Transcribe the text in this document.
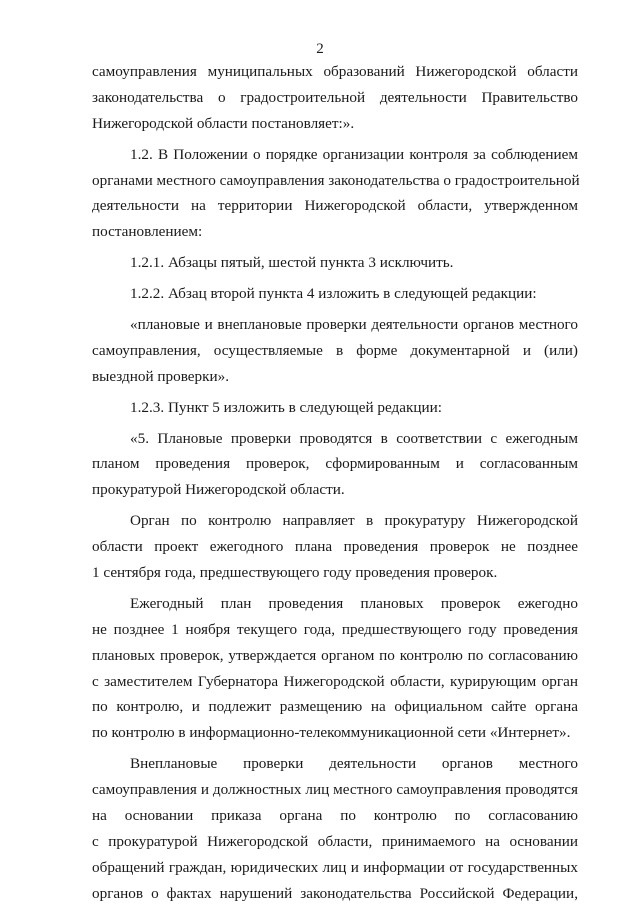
2
самоуправления муниципальных образований Нижегородской области
законодательства о градостроительной деятельности Правительство
Нижегородской области постановляет:».
1.2. В Положении о порядке организации контроля за соблюдением
органами местного самоуправления законодательства о градостроительной
деятельности на территории Нижегородской области, утвержденном
постановлением:
1.2.1. Абзацы пятый, шестой пункта 3 исключить.
1.2.2. Абзац второй пункта 4 изложить в следующей редакции:
«плановые и внеплановые проверки деятельности органов местного
самоуправления, осуществляемые в форме документарной и (или)
выездной проверки».
1.2.3. Пункт 5 изложить в следующей редакции:
«5. Плановые проверки проводятся в соответствии с ежегодным
планом проведения проверок, сформированным и согласованным
прокуратурой Нижегородской области.
Орган по контролю направляет в прокуратуру Нижегородской
области проект ежегодного плана проведения проверок не позднее
1 сентября года, предшествующего году проведения проверок.
Ежегодный план проведения плановых проверок ежегодно
не позднее 1 ноября текущего года, предшествующего году проведения
плановых проверок, утверждается органом по контролю по согласованию
с заместителем Губернатора Нижегородской области, курирующим орган
по контролю, и подлежит размещению на официальном сайте органа
по контролю в информационно-телекоммуникационной сети «Интернет».
Внеплановые проверки деятельности органов местного
самоуправления и должностных лиц местного самоуправления проводятся
на основании приказа органа по контролю по согласованию
с прокуратурой Нижегородской области, принимаемого на основании
обращений граждан, юридических лиц и информации от государственных
органов о фактах нарушений законодательства Российской Федерации,
